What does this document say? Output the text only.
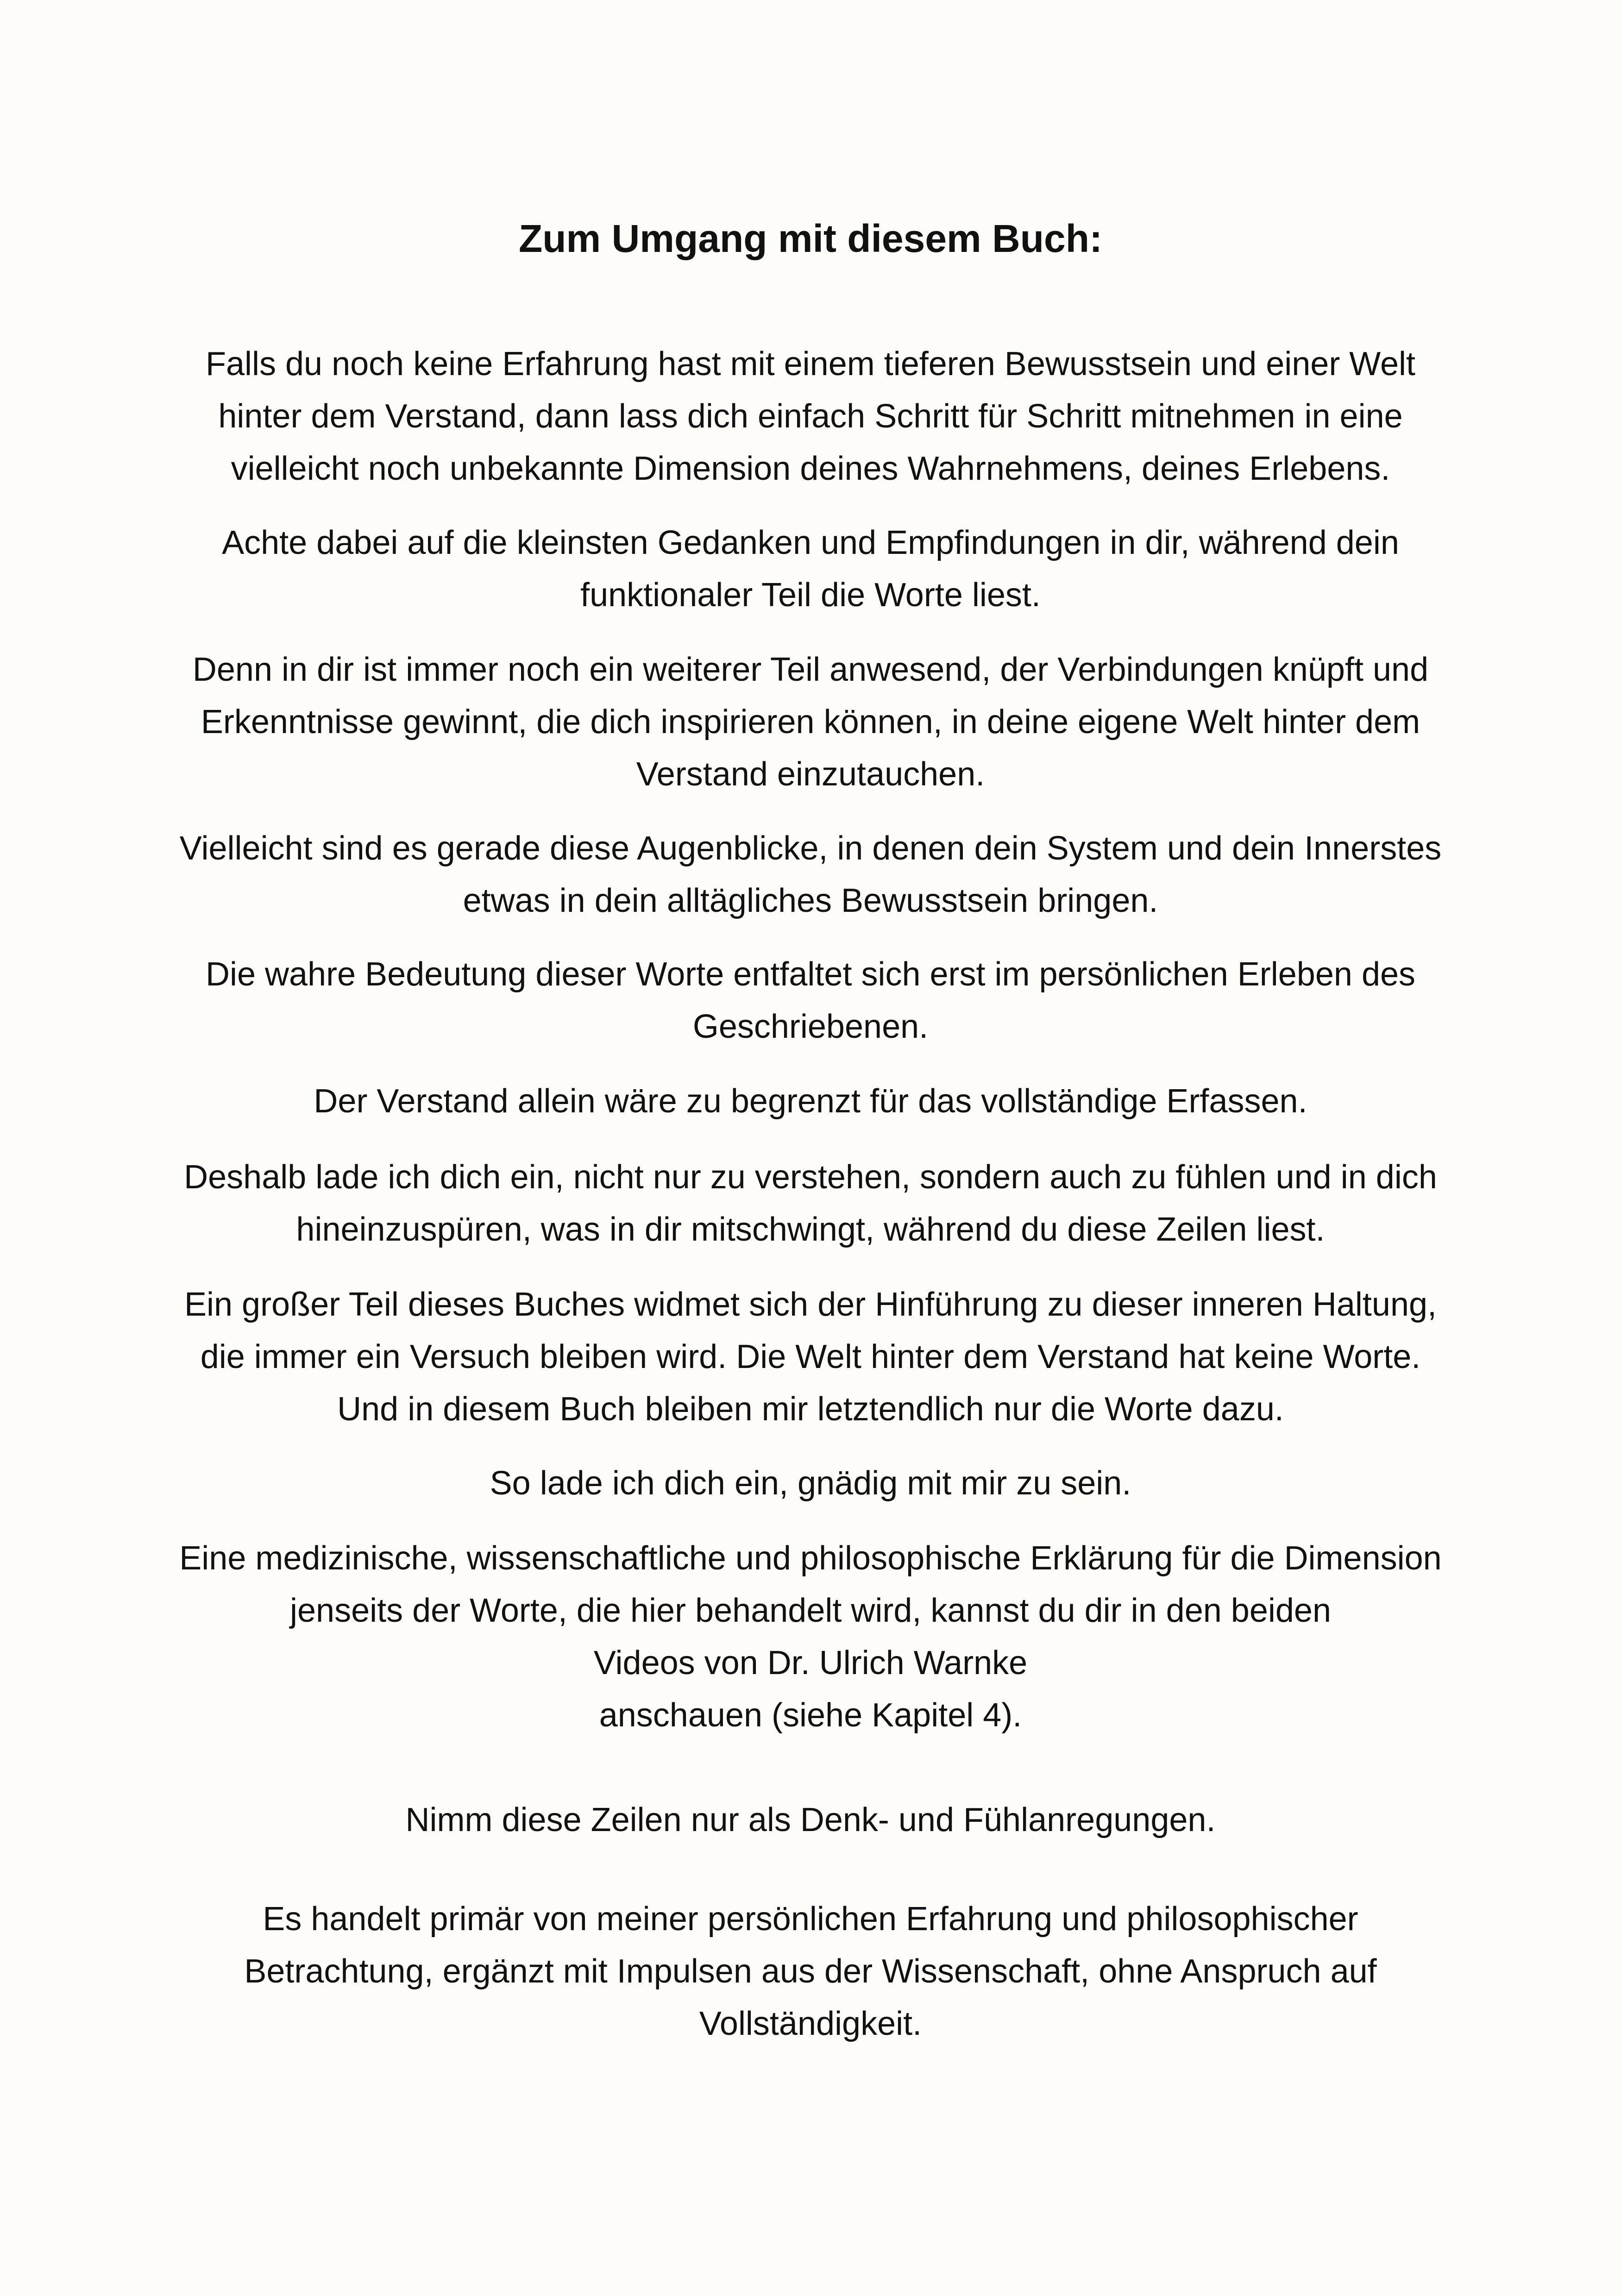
Zum Umgang mit diesem Buch:

Falls du noch keine Erfahrung hast mit einem tieferen Bewusstsein und einer Welt
hinter dem Verstand, dann lass dich einfach Schritt für Schritt mitnehmen in eine
vielleicht noch unbekannte Dimension deines Wahrnehmens, deines Erlebens.

Achte dabei auf die kleinsten Gedanken und Empfindungen in dir, während dein
funktionaler Teil die Worte liest.

Denn in dir ist immer noch ein weiterer Teil anwesend, der Verbindungen knüpft und
Erkenntnisse gewinnt, die dich inspirieren können, in deine eigene Welt hinter dem
Verstand einzutauchen.

Vielleicht sind es gerade diese Augenblicke, in denen dein System und dein Innerstes
etwas in dein alltägliches Bewusstsein bringen.

Die wahre Bedeutung dieser Worte entfaltet sich erst im persönlichen Erleben des
Geschriebenen.

Der Verstand allein wäre zu begrenzt für das vollständige Erfassen.

Deshalb lade ich dich ein, nicht nur zu verstehen, sondern auch zu fühlen und in dich
hineinzuspüren, was in dir mitschwingt, während du diese Zeilen liest.

Ein großer Teil dieses Buches widmet sich der Hinführung zu dieser inneren Haltung,
die immer ein Versuch bleiben wird. Die Welt hinter dem Verstand hat keine Worte.
Und in diesem Buch bleiben mir letztendlich nur die Worte dazu.

So lade ich dich ein, gnädig mit mir zu sein.

Eine medizinische, wissenschaftliche und philosophische Erklärung für die Dimension
jenseits der Worte, die hier behandelt wird, kannst du dir in den beiden
Videos von Dr. Ulrich Warnke
anschauen (siehe Kapitel 4).

Nimm diese Zeilen nur als Denk- und Fühlanregungen.

Es handelt primär von meiner persönlichen Erfahrung und philosophischer
Betrachtung, ergänzt mit Impulsen aus der Wissenschaft, ohne Anspruch auf
Vollständigkeit.
